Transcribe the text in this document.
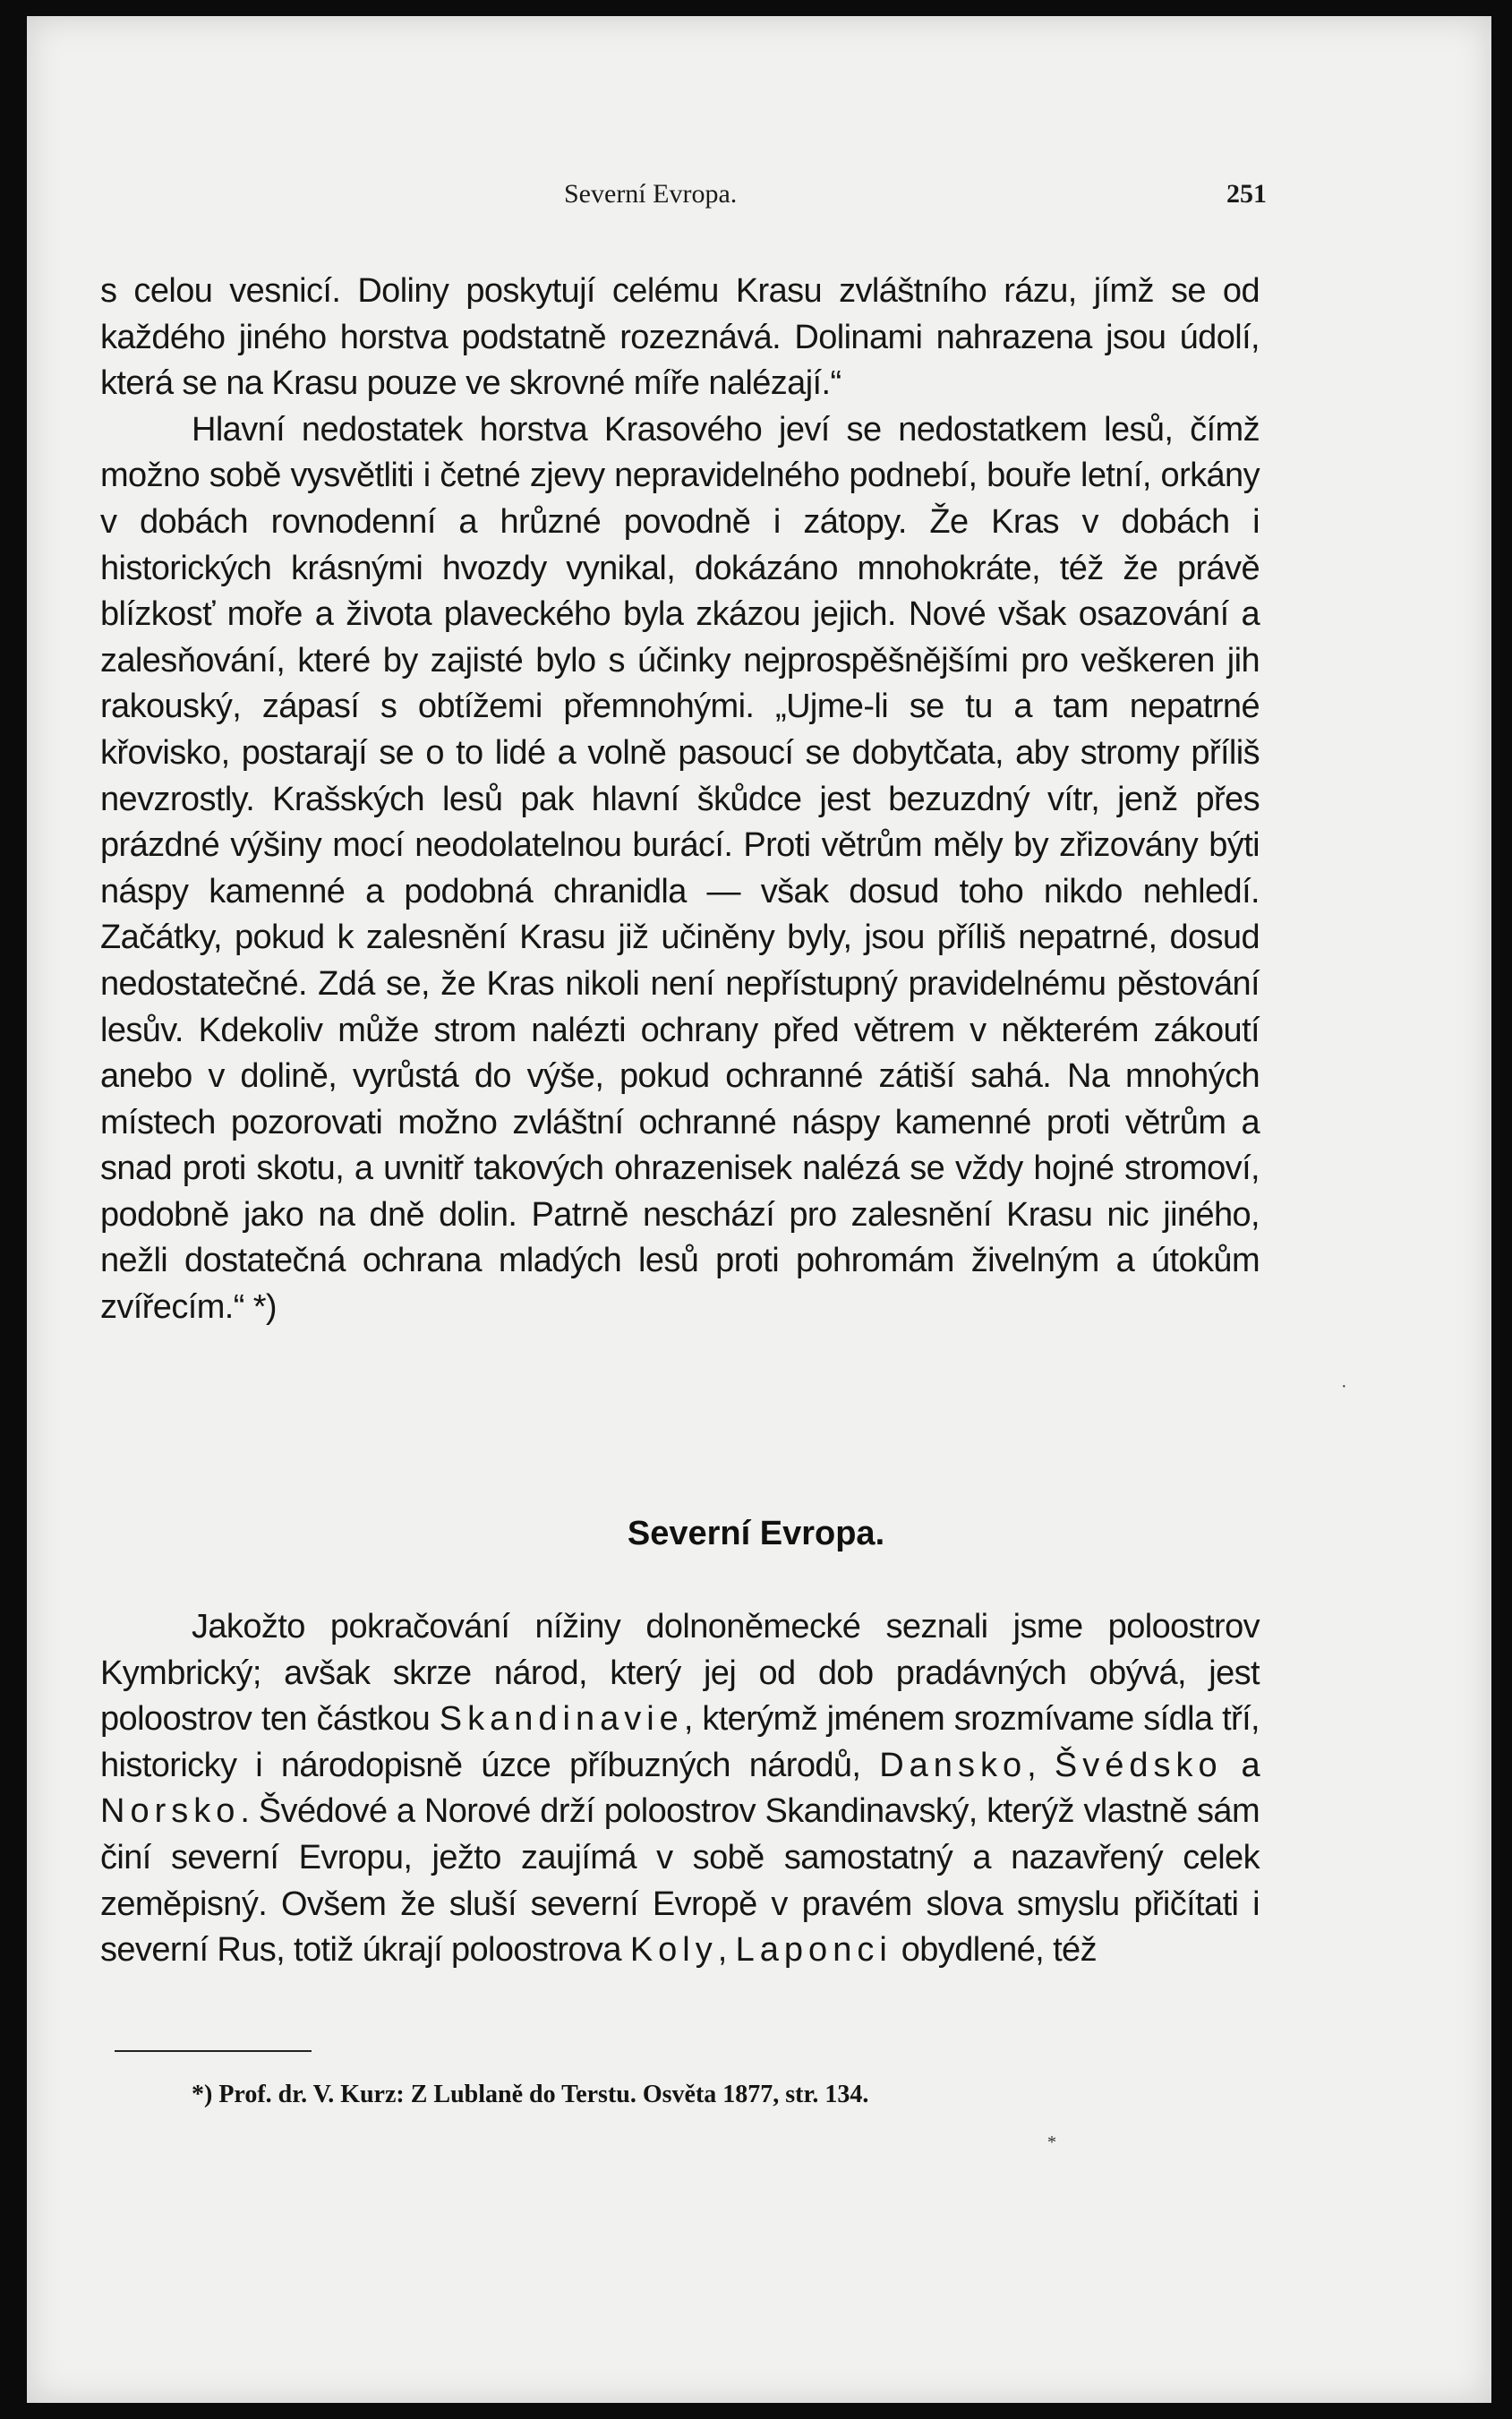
·
*
Severní Evropa.	251

s celou vesnicí. Doliny poskytují celému Krasu zvláštního rázu, jímž se od každého jiného horstva podstatně rozeznává. Dolinami nahrazena jsou údolí, která se na Krasu pouze ve skrovné míře nalézají.“

Hlavní nedostatek horstva Krasového jeví se nedostatkem lesů, čímž možno sobě vysvětliti i četné zjevy nepravidelného podnebí, bouře letní, orkány v dobách rovnodenní a hrůzné povodně i zátopy. Že Kras v dobách i historických krásnými hvozdy vynikal, dokázáno mnohokráte, též že právě blízkosť moře a života plaveckého byla zkázou jejich. Nové však osazování a zalesňování, které by zajisté bylo s účinky nejprospěšnějšími pro veškeren jih rakouský, zápasí s obtížemi přemnohými. „Ujme-li se tu a tam nepatrné křovisko, postarají se o to lidé a volně pasoucí se dobytčata, aby stromy příliš nevzrostly. Krašských lesů pak hlavní škůdce jest bezuzdný vítr, jenž přes prázdné výšiny mocí neodolatelnou burácí. Proti větrům měly by zřizovány býti náspy kamenné a podobná chranidla — však dosud toho nikdo nehledí. Začátky, pokud k zalesnění Krasu již učiněny byly, jsou příliš nepatrné, dosud nedostatečné. Zdá se, že Kras nikoli není nepřístupný pravidelnému pěstování lesův. Kdekoliv může strom nalézti ochrany před větrem v některém zákoutí anebo v dolině, vyrůstá do výše, pokud ochranné zátiší sahá. Na mnohých místech pozorovati možno zvláštní ochranné náspy kamenné proti větrům a snad proti skotu, a uvnitř takových ohrazenisek nalézá se vždy hojné stromoví, podobně jako na dně dolin. Patrně neschází pro zalesnění Krasu nic jiného, nežli dostatečná ochrana mladých lesů proti pohromám živelným a útokům zvířecím.“ *)

Severní Evropa.

Jakožto pokračování nížiny dolnoněmecké seznali jsme poloostrov Kymbrický; avšak skrze národ, který jej od dob pradávných obývá, jest poloostrov ten částkou Skandinavie, kterýmž jménem srozmívame sídla tří, historicky i národopisně úzce příbuzných národů, Dansko, Švédsko a Norsko. Švédové a Norové drží poloostrov Skandinavský, kterýž vlastně sám činí severní Evropu, ježto zaujímá v sobě samostatný a nazavřený celek zeměpisný. Ovšem že sluší severní Evropě v pravém slova smyslu přičítati i severní Rus, totiž úkrají poloostrova Koly, Laponci obydlené, též

*) Prof. dr. V. Kurz: Z Lublaně do Terstu. Osvěta 1877, str. 134.
